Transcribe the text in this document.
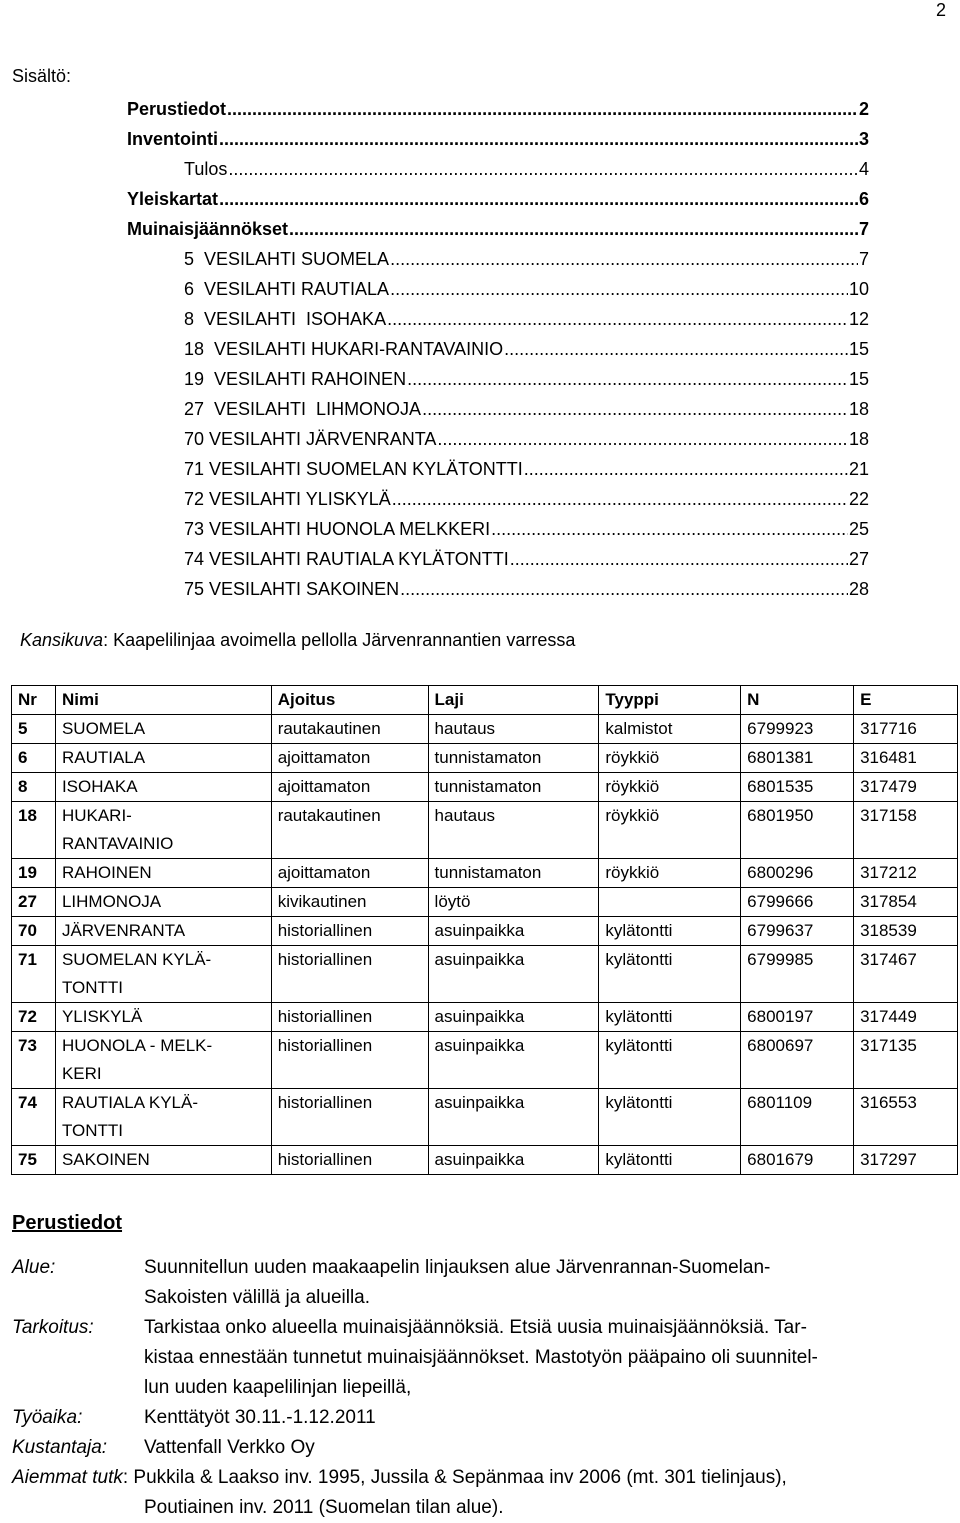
2
Sisältö:
Perustiedot .....	2
Inventointi .....	3
Tulos .....	4
Yleiskartat .....	6
Muinaisjäännökset .....	7
5  VESILAHTI SUOMELA .....	7
6  VESILAHTI RAUTIALA .....	10
8  VESILAHTI  ISOHAKA .....	12
18  VESILAHTI HUKARI-RANTAVAINIO .....	15
19  VESILAHTI RAHOINEN .....	15
27  VESILAHTI  LIHMONOJA .....	18
70 VESILAHTI JÄRVENRANTA .....	18
71 VESILAHTI SUOMELAN KYLÄTONTTI .....	21
72 VESILAHTI YLISKYLÄ .....	22
73 VESILAHTI HUONOLA MELKKERI .....	25
74 VESILAHTI RAUTIALA KYLÄTONTTI .....	27
75 VESILAHTI SAKOINEN .....	28
Kansikuva: Kaapelilinjaa avoimella pellolla Järvenrannantien varressa
Nr	Nimi	Ajoitus	Laji	Tyyppi	N	E
5	SUOMELA	rautakautinen	hautaus	kalmistot	6799923	317716
6	RAUTIALA	ajoittamaton	tunnistamaton	röykkiö	6801381	316481
8	ISOHAKA	ajoittamaton	tunnistamaton	röykkiö	6801535	317479
18	HUKARI-
RANTAVAINIO	rautakautinen	hautaus	röykkiö	6801950	317158
19	RAHOINEN	ajoittamaton	tunnistamaton	röykkiö	6800296	317212
27	LIHMONOJA	kivikautinen	löytö		6799666	317854
70	JÄRVENRANTA	historiallinen	asuinpaikka	kylätontti	6799637	318539
71	SUOMELAN KYLÄ-
TONTTI	historiallinen	asuinpaikka	kylätontti	6799985	317467
72	YLISKYLÄ	historiallinen	asuinpaikka	kylätontti	6800197	317449
73	HUONOLA - MELK-
KERI	historiallinen	asuinpaikka	kylätontti	6800697	317135
74	RAUTIALA KYLÄ-
TONTTI	historiallinen	asuinpaikka	kylätontti	6801109	316553
75	SAKOINEN	historiallinen	asuinpaikka	kylätontti	6801679	317297
Perustiedot
Alue:	Suunnitellun uuden maakaapelin linjauksen alue Järvenrannan-Suomelan-
Sakoisten välillä ja alueilla.
Tarkoitus:	Tarkistaa onko alueella muinaisjäännöksiä. Etsiä uusia muinaisjäännöksiä. Tar-
kistaa ennestään tunnetut muinaisjäännökset. Mastotyön pääpaino oli suunnitel-
lun uuden kaapelilinjan liepeillä,
Työaika:	Kenttätyöt 30.11.-1.12.2011
Kustantaja: Vattenfall Verkko Oy
Aiemmat tutk: Pukkila & Laakso inv. 1995, Jussila & Sepänmaa inv 2006 (mt. 301 tielinjaus),
Poutiainen inv. 2011 (Suomelan tilan alue).
